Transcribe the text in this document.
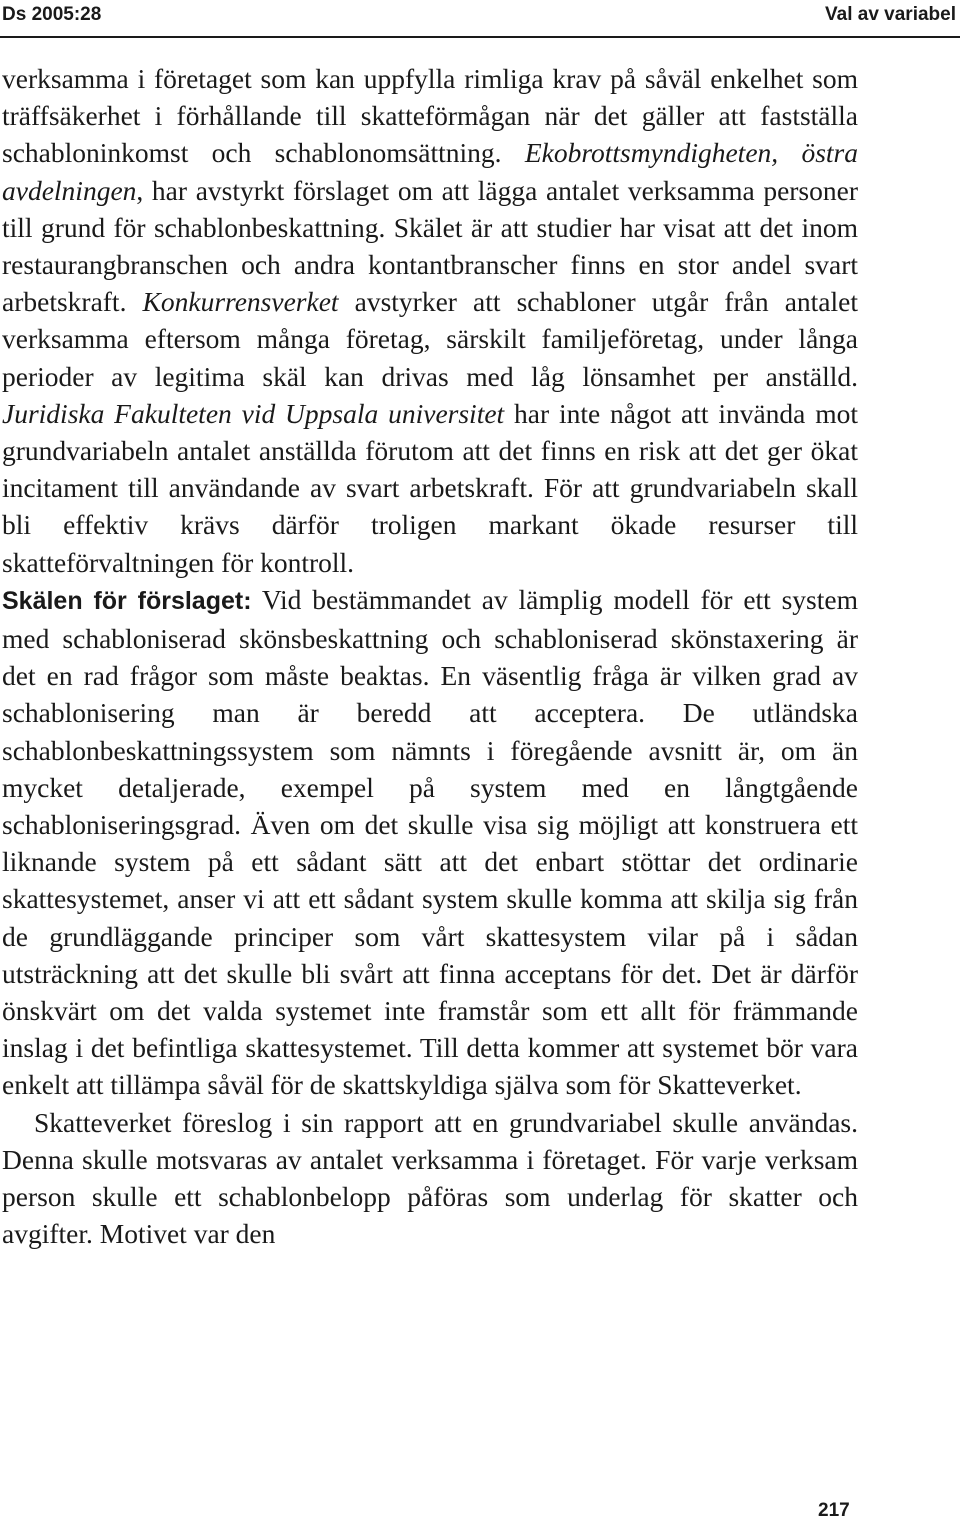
Ds 2005:28	Val av variabel

verksamma i företaget som kan uppfylla rimliga krav på såväl enkelhet som träffsäkerhet i förhållande till skatteförmågan när det gäller att fastställa schabloninkomst och schablonomsättning. Ekobrottsmyndigheten, östra avdelningen, har avstyrkt förslaget om att lägga antalet verksamma personer till grund för schablonbeskattning. Skälet är att studier har visat att det inom restaurangbranschen och andra kontantbranscher finns en stor andel svart arbetskraft. Konkurrensverket avstyrker att schabloner utgår från antalet verksamma eftersom många företag, särskilt familjeföretag, under långa perioder av legitima skäl kan drivas med låg lönsamhet per anställd. Juridiska Fakulteten vid Uppsala universitet har inte något att invända mot grundvariabeln antalet anställda förutom att det finns en risk att det ger ökat incitament till användande av svart arbetskraft. För att grundvariabeln skall bli effektiv krävs därför troligen markant ökade resurser till skatteförvaltningen för kontroll.

Skälen för förslaget: Vid bestämmandet av lämplig modell för ett system med schabloniserad skönsbeskattning och schabloniserad skönstaxering är det en rad frågor som måste beaktas. En väsentlig fråga är vilken grad av schablonisering man är beredd att acceptera. De utländska schablonbeskattningssystem som nämnts i föregående avsnitt är, om än mycket detaljerade, exempel på system med en långtgående schabloniseringsgrad. Även om det skulle visa sig möjligt att konstruera ett liknande system på ett sådant sätt att det enbart stöttar det ordinarie skattesystemet, anser vi att ett sådant system skulle komma att skilja sig från de grundläggande principer som vårt skattesystem vilar på i sådan utsträckning att det skulle bli svårt att finna acceptans för det. Det är därför önskvärt om det valda systemet inte framstår som ett allt för främmande inslag i det befintliga skattesystemet. Till detta kommer att systemet bör vara enkelt att tillämpa såväl för de skattskyldiga själva som för Skatteverket.

Skatteverket föreslog i sin rapport att en grundvariabel skulle användas. Denna skulle motsvaras av antalet verksamma i företaget. För varje verksam person skulle ett schablonbelopp påföras som underlag för skatter och avgifter. Motivet var den

217
